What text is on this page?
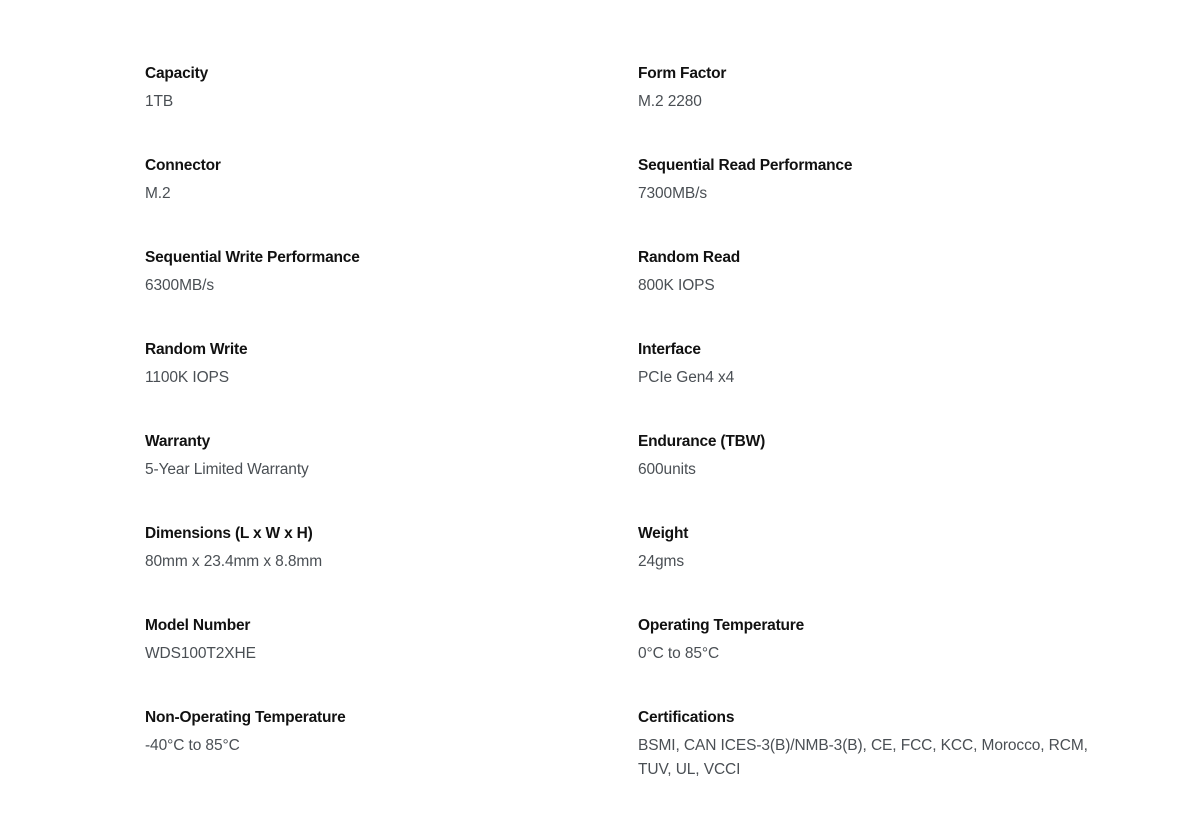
Capacity
1TB
Form Factor
M.2 2280
Connector
M.2
Sequential Read Performance
7300MB/s
Sequential Write Performance
6300MB/s
Random Read
800K IOPS
Random Write
1100K IOPS
Interface
PCIe Gen4 x4
Warranty
5-Year Limited Warranty
Endurance (TBW)
600units
Dimensions (L x W x H)
80mm x 23.4mm x 8.8mm
Weight
24gms
Model Number
WDS100T2XHE
Operating Temperature
0°C to 85°C
Non-Operating Temperature
-40°C to 85°C
Certifications
BSMI, CAN ICES-3(B)/NMB-3(B), CE, FCC, KCC, Morocco, RCM, TUV, UL, VCCI
